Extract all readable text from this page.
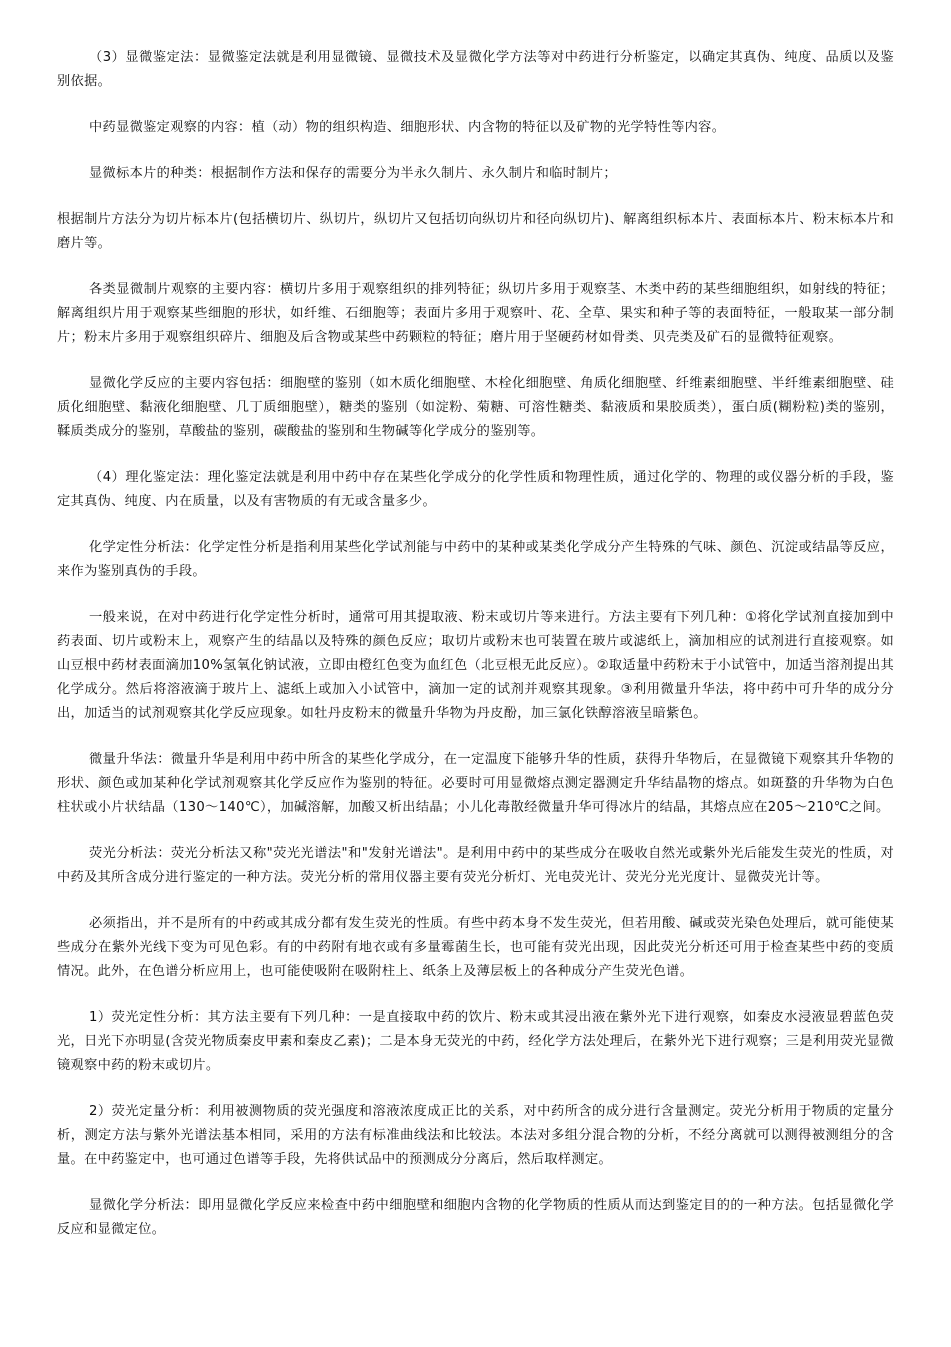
（3）显微鉴定法：显微鉴定法就是利用显微镜、显微技术及显微化学方法等对中药进行分析鉴定，以确定其真伪、纯度、品质以及鉴别依据。

中药显微鉴定观察的内容：植（动）物的组织构造、细胞形状、内含物的特征以及矿物的光学特性等内容。

显微标本片的种类：根据制作方法和保存的需要分为半永久制片、永久制片和临时制片；

根据制片方法分为切片标本片(包括横切片、纵切片，纵切片又包括切向纵切片和径向纵切片)、解离组织标本片、表面标本片、粉末标本片和磨片等。

各类显微制片观察的主要内容：横切片多用于观察组织的排列特征；纵切片多用于观察茎、木类中药的某些细胞组织，如射线的特征；解离组织片用于观察某些细胞的形状，如纤维、石细胞等；表面片多用于观察叶、花、全草、果实和种子等的表面特征，一般取某一部分制片；粉末片多用于观察组织碎片、细胞及后含物或某些中药颗粒的特征；磨片用于坚硬药材如骨类、贝壳类及矿石的显微特征观察。

显微化学反应的主要内容包括：细胞壁的鉴别（如木质化细胞壁、木栓化细胞壁、角质化细胞壁、纤维素细胞壁、半纤维素细胞壁、硅质化细胞壁、黏液化细胞壁、几丁质细胞壁），糖类的鉴别（如淀粉、菊糖、可溶性糖类、黏液质和果胶质类），蛋白质(糊粉粒)类的鉴别，鞣质类成分的鉴别，草酸盐的鉴别，碳酸盐的鉴别和生物碱等化学成分的鉴别等。

（4）理化鉴定法：理化鉴定法就是利用中药中存在某些化学成分的化学性质和物理性质，通过化学的、物理的或仪器分析的手段，鉴定其真伪、纯度、内在质量，以及有害物质的有无或含量多少。

化学定性分析法：化学定性分析是指利用某些化学试剂能与中药中的某种或某类化学成分产生特殊的气味、颜色、沉淀或结晶等反应，来作为鉴别真伪的手段。

一般来说，在对中药进行化学定性分析时，通常可用其提取液、粉末或切片等来进行。方法主要有下列几种：①将化学试剂直接加到中药表面、切片或粉末上，观察产生的结晶以及特殊的颜色反应；取切片或粉末也可装置在玻片或滤纸上，滴加相应的试剂进行直接观察。如山豆根中药材表面滴加10%氢氧化钠试液，立即由橙红色变为血红色（北豆根无此反应）。②取适量中药粉末于小试管中，加适当溶剂提出其化学成分。然后将溶液滴于玻片上、滤纸上或加入小试管中，滴加一定的试剂并观察其现象。③利用微量升华法，将中药中可升华的成分分出，加适当的试剂观察其化学反应现象。如牡丹皮粉末的微量升华物为丹皮酚，加三氯化铁醇溶液呈暗紫色。

微量升华法：微量升华是利用中药中所含的某些化学成分，在一定温度下能够升华的性质，获得升华物后，在显微镜下观察其升华物的形状、颜色或加某种化学试剂观察其化学反应作为鉴别的特征。必要时可用显微熔点测定器测定升华结晶物的熔点。如斑蝥的升华物为白色柱状或小片状结晶（130～140℃），加碱溶解，加酸又析出结晶；小儿化毒散经微量升华可得冰片的结晶，其熔点应在205～210℃之间。

荧光分析法：荧光分析法又称"荧光光谱法"和"发射光谱法"。是利用中药中的某些成分在吸收自然光或紫外光后能发生荧光的性质，对中药及其所含成分进行鉴定的一种方法。荧光分析的常用仪器主要有荧光分析灯、光电荧光计、荧光分光光度计、显微荧光计等。

必须指出，并不是所有的中药或其成分都有发生荧光的性质。有些中药本身不发生荧光，但若用酸、碱或荧光染色处理后，就可能使某些成分在紫外光线下变为可见色彩。有的中药附有地衣或有多量霉菌生长，也可能有荧光出现，因此荧光分析还可用于检查某些中药的变质情况。此外，在色谱分析应用上，也可能使吸附在吸附柱上、纸条上及薄层板上的各种成分产生荧光色谱。

1）荧光定性分析：其方法主要有下列几种：一是直接取中药的饮片、粉末或其浸出液在紫外光下进行观察，如秦皮水浸液显碧蓝色荧光，日光下亦明显(含荧光物质秦皮甲素和秦皮乙素)；二是本身无荧光的中药，经化学方法处理后，在紫外光下进行观察；三是利用荧光显微镜观察中药的粉末或切片。

2）荧光定量分析：利用被测物质的荧光强度和溶液浓度成正比的关系，对中药所含的成分进行含量测定。荧光分析用于物质的定量分析，测定方法与紫外光谱法基本相同，采用的方法有标准曲线法和比较法。本法对多组分混合物的分析，不经分离就可以测得被测组分的含量。在中药鉴定中，也可通过色谱等手段，先将供试品中的预测成分分离后，然后取样测定。

显微化学分析法：即用显微化学反应来检查中药中细胞壁和细胞内含物的化学物质的性质从而达到鉴定目的的一种方法。包括显微化学反应和显微定位。
